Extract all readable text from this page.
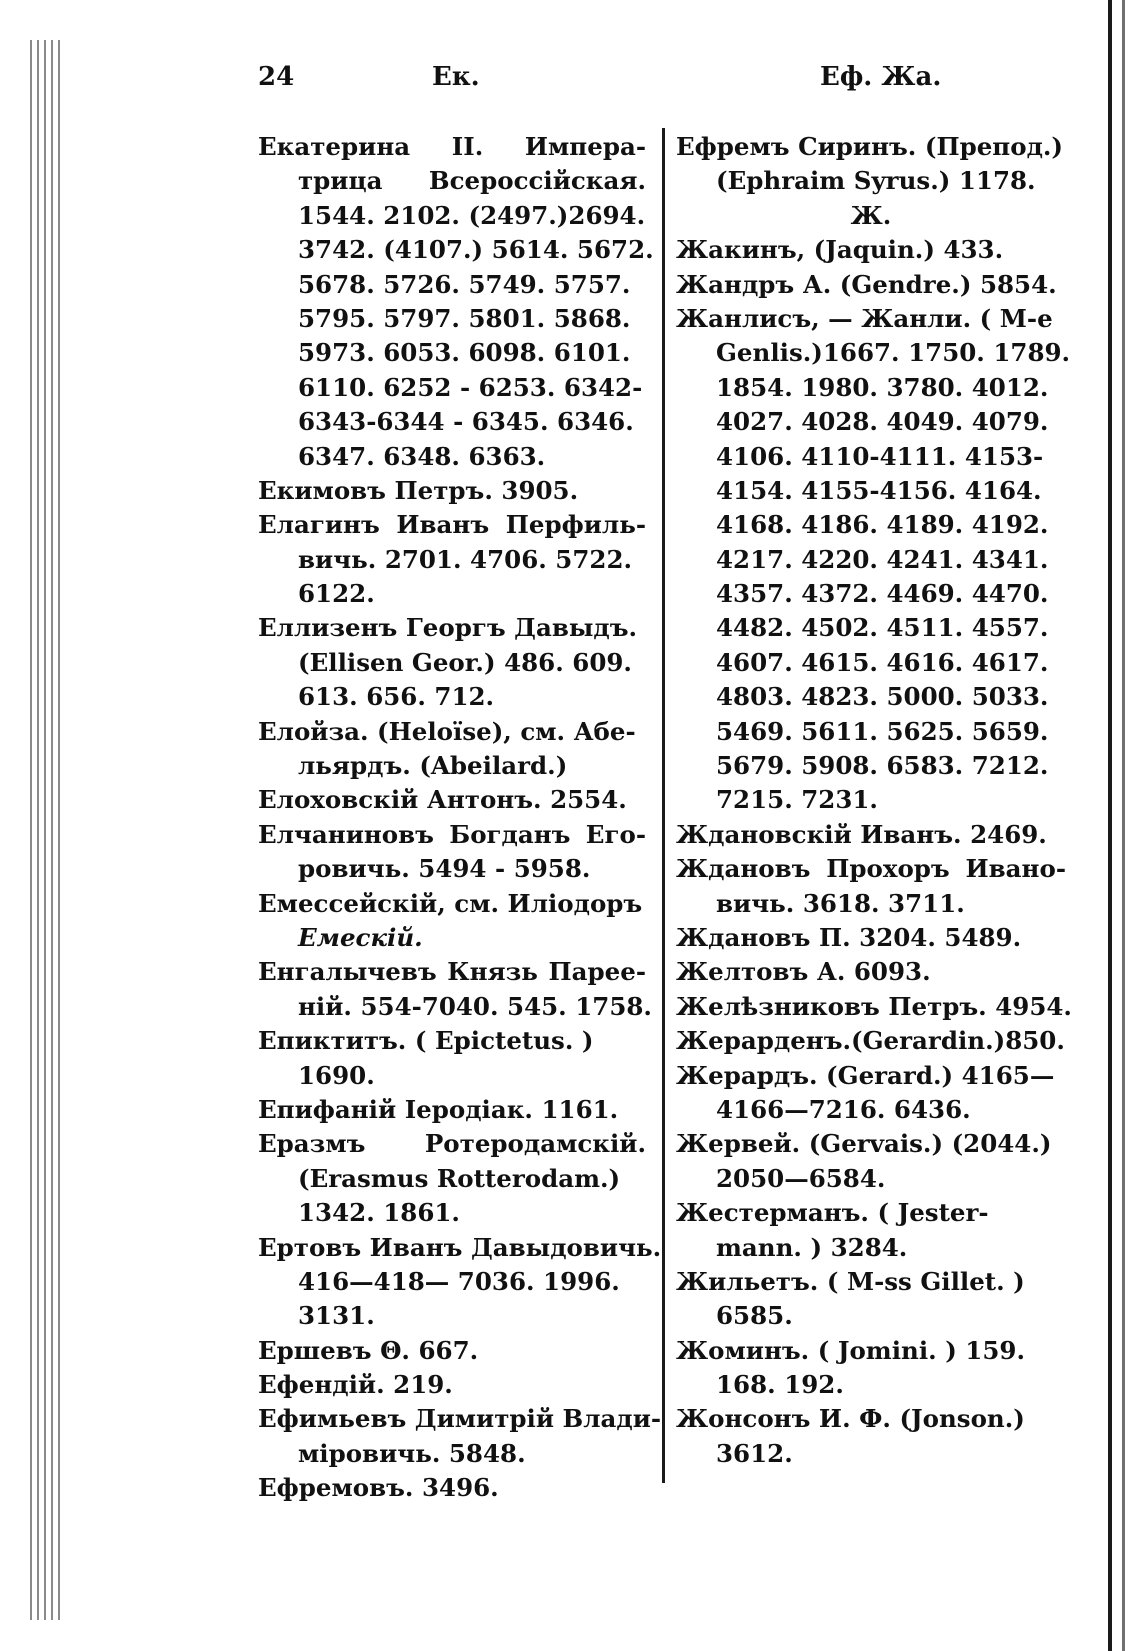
24	Ек.	Еф. Жа.
Екатерина II. Импера-
трица Всероссійская.
1544. 2102. (2497.)2694.
3742. (4107.) 5614. 5672.
5678. 5726. 5749. 5757.
5795. 5797. 5801. 5868.
5973. 6053. 6098. 6101.
6110. 6252 - 6253. 6342-
6343-6344 - 6345. 6346.
6347. 6348. 6363.
Екимовъ Петръ. 3905.
Елагинъ Иванъ Перфиль-
вичь. 2701. 4706. 5722.
6122.
Еллизенъ Георгъ Давыдъ.
(Ellisen Geor.) 486. 609.
613. 656. 712.
Елойза. (Heloïse), см. Абе-
льярдъ. (Abeilard.)
Елоховскій Антонъ. 2554.
Елчаниновъ Богданъ Его-
ровичь. 5494 - 5958.
Емессейскій, см. Иліодоръ
Емескій.
Енгалычевъ Князь Пареe-
ній. 554-7040. 545. 1758.
Епиктитъ. ( Epictetus. )
1690.
Епифаній Іеродіак. 1161.
Еразмъ Ротеродамскій.
(Erasmus Rotterodam.)
1342. 1861.
Ертовъ Иванъ Давыдовичь.
416—418— 7036. 1996.
3131.
Ершевъ Θ. 667.
Ефендій. 219.
Ефимьевъ Димитрій Влади-
міровичь. 5848.
Ефремовъ. 3496.
Ефремъ Сиринъ. (Препод.)
(Ephraim Syrus.) 1178.
Ж.
Жакинъ, (Jaquin.) 433.
Жандръ А. (Gendre.) 5854.
Жанлисъ, — Жанли. ( M-e
Genlis.)1667. 1750. 1789.
1854. 1980. 3780. 4012.
4027. 4028. 4049. 4079.
4106. 4110-4111. 4153-
4154. 4155-4156. 4164.
4168. 4186. 4189. 4192.
4217. 4220. 4241. 4341.
4357. 4372. 4469. 4470.
4482. 4502. 4511. 4557.
4607. 4615. 4616. 4617.
4803. 4823. 5000. 5033.
5469. 5611. 5625. 5659.
5679. 5908. 6583. 7212.
7215. 7231.
Ждановскій Иванъ. 2469.
Ждановъ Прохоръ Ивано-
вичь. 3618. 3711.
Ждановъ П. 3204. 5489.
Желтовъ А. 6093.
Желѣзниковъ Петръ. 4954.
Жерарденъ.(Gerardin.)850.
Жерардъ. (Gerard.) 4165—
4166—7216. 6436.
Жервей. (Gervais.) (2044.)
2050—6584.
Жестерманъ. ( Jester-
mann. ) 3284.
Жильетъ. ( M-ss Gillet. )
6585.
Жоминъ. ( Jomini. ) 159.
168. 192.
Жонсонъ И. Ф. (Jonson.)
3612.
